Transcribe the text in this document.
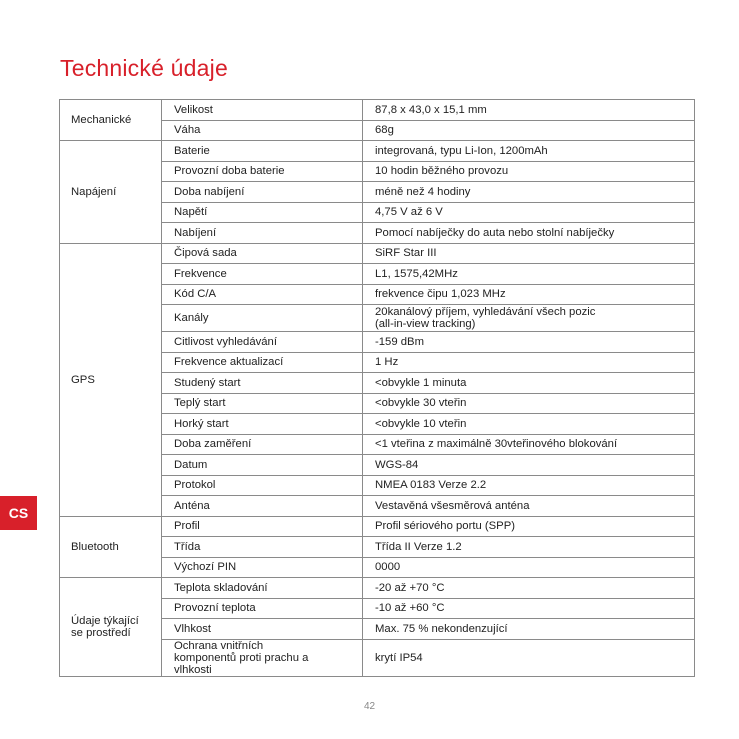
Technické údaje
Mechanické	Velikost	87,8 x 43,0 x 15,1 mm
	Váha	68g
Napájení	Baterie	integrovaná, typu Li-Ion, 1200mAh
	Provozní doba baterie	10 hodin běžného provozu
	Doba nabíjení	méně než 4 hodiny
	Napětí	4,75 V až 6 V
	Nabíjení	Pomocí nabíječky do auta nebo stolní nabíječky
GPS	Čipová sada	SiRF Star III
	Frekvence	L1, 1575,42MHz
	Kód C/A	frekvence čipu 1,023 MHz
	Kanály	20kanálový příjem, vyhledávání všech pozic
(all-in-view tracking)
	Citlivost vyhledávání	-159 dBm
	Frekvence aktualizací	1 Hz
	Studený start	<obvykle 1 minuta
	Teplý start	<obvykle 30 vteřin
	Horký start	<obvykle 10 vteřin
	Doba zaměření	<1 vteřina z maximálně 30vteřinového blokování
	Datum	WGS-84
	Protokol	NMEA 0183 Verze 2.2
	Anténa	Vestavěná všesměrová anténa
Bluetooth	Profil	Profil sériového portu (SPP)
	Třída	Třída II Verze 1.2
	Výchozí PIN	0000
Údaje týkající
se prostředí	Teplota skladování	-20 až +70 °C
	Provozní teplota	-10 až +60 °C
	Vlhkost	Max. 75 % nekondenzující
	Ochrana vnitřních
komponentů proti prachu a
vlhkosti	krytí IP54
CS
42
